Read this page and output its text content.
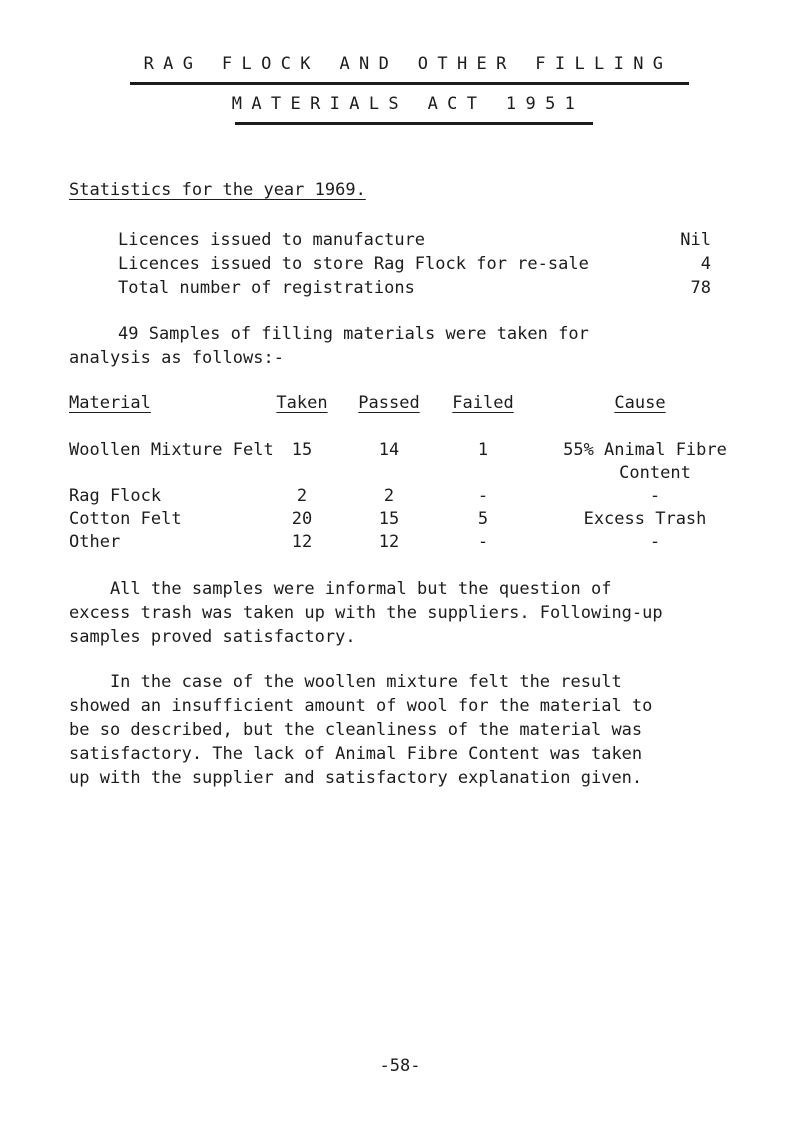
RAG FLOCK AND OTHER FILLING
MATERIALS ACT 1951
Statistics for the year 1969.
Licences issued to manufacture	Nil
Licences issued to store Rag Flock for re-sale	4
Total number of registrations	78
49 Samples of filling materials were taken for
analysis as follows:-
Material	Taken	Passed	Failed	Cause
Woollen Mixture Felt	15	14	1	55% Animal Fibre
Content
Rag Flock	2	2	-	-
Cotton Felt	20	15	5	Excess Trash
Other	12	12	-	-
All the samples were informal but the question of
excess trash was taken up with the suppliers. Following-up
samples proved satisfactory.
In the case of the woollen mixture felt the result
showed an insufficient amount of wool for the material to
be so described, but the cleanliness of the material was
satisfactory. The lack of Animal Fibre Content was taken
up with the supplier and satisfactory explanation given.
-58-
